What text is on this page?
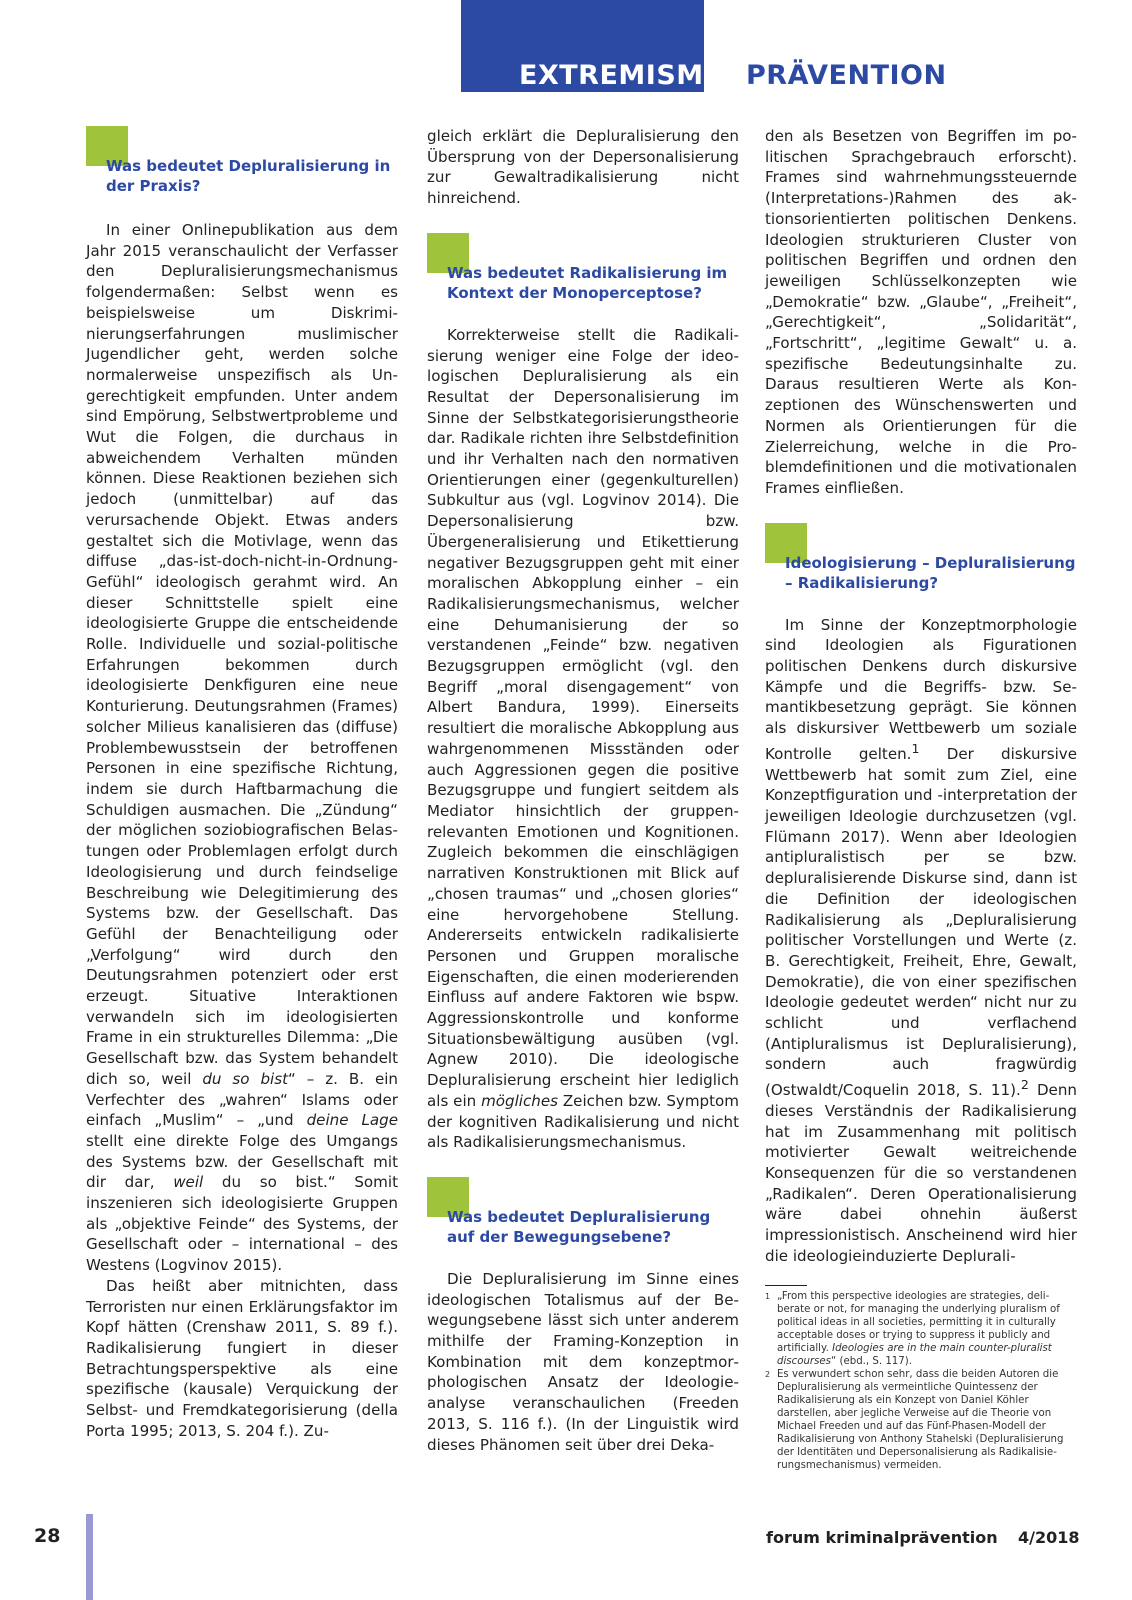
EXTREMISMUSPRÄVENTION
Was bedeutet Depluralisierung in der Praxis?

In einer Onlinepublikation aus dem Jahr 2015 veranschaulicht der Verfasser den Depluralisierungsmechanismus folgendermaßen: Selbst wenn es beispielsweise um Diskriminierungserfahrungen muslimischer Jugendlicher geht, werden solche normalerweise unspezifisch als Ungerechtigkeit empfunden. Unter andem sind Empörung, Selbstwertprobleme und Wut die Folgen, die durchaus in abweichendem Verhalten münden können. Diese Reaktionen beziehen sich jedoch (unmittelbar) auf das verursachende Objekt. Etwas anders gestaltet sich die Motivlage, wenn das diffuse „das-ist-doch-nicht-in-Ordnung-Gefühl“ ideologisch gerahmt wird. An dieser Schnittstelle spielt eine ideologisierte Gruppe die entscheidende Rolle. Individuelle und sozial-politische Erfahrungen bekommen durch ideologisierte Denkfiguren eine neue Konturierung. Deutungsrahmen (Frames) solcher Milieus kanalisieren das (diffuse) Problembewusstsein der betroffenen Personen in eine spezifische Richtung, indem sie durch Haftbarmachung die Schuldigen ausmachen. Die „Zündung“ der möglichen soziobiografischen Belastungen oder Problemlagen erfolgt durch Ideologisierung und durch feindselige Beschreibung wie Delegitimierung des Systems bzw. der Gesellschaft. Das Gefühl der Benachteiligung oder „Verfolgung“ wird durch den Deutungsrahmen potenziert oder erst erzeugt. Situative Interaktionen verwandeln sich im ideologisierten Frame in ein strukturelles Dilemma: „Die Gesellschaft bzw. das System behandelt dich so, weil du so bist“ – z. B. ein Verfechter des „wahren“ Islams oder einfach „Muslim“ – „und deine Lage stellt eine direkte Folge des Umgangs des Systems bzw. der Gesellschaft mit dir dar, weil du so bist.“ Somit inszenieren sich ideologisierte Gruppen als „objektive Feinde“ des Systems, der Gesellschaft oder – international – des Westens (Logvinov 2015).

Das heißt aber mitnichten, dass Terroristen nur einen Erklärungsfaktor im Kopf hätten (Crenshaw 2011, S. 89 f.). Radikalisierung fungiert in dieser Betrachtungsperspektive als eine spezifische (kausale) Verquickung der Selbst- und Fremdkategorisierung (della Porta 1995; 2013, S. 204 f.). Zu-

gleich erklärt die Depluralisierung den Übersprung von der Depersonalisierung zur Gewaltradikalisierung nicht hinreichend.

Was bedeutet Radikalisierung im Kontext der Monoperceptose?

Korrekterweise stellt die Radikalisierung weniger eine Folge der ideologischen Depluralisierung als ein Resultat der Depersonalisierung im Sinne der Selbstkategorisierungstheorie dar. Radikale richten ihre Selbstdefinition und ihr Verhalten nach den normativen Orientierungen einer (gegenkulturellen) Subkultur aus (vgl. Logvinov 2014). Die Depersonalisierung bzw. Übergeneralisierung und Etikettierung negativer Bezugsgruppen geht mit einer moralischen Abkopplung einher – ein Radikalisierungsmechanismus, welcher eine Dehumanisierung der so verstandenen „Feinde“ bzw. negativen Bezugsgruppen ermöglicht (vgl. den Begriff „moral disengagement“ von Albert Bandura, 1999). Einerseits resultiert die moralische Abkopplung aus wahrgenommenen Missständen oder auch Aggressionen gegen die positive Bezugsgruppe und fungiert seitdem als Mediator hinsichtlich der gruppenrelevanten Emotionen und Kognitionen. Zugleich bekommen die einschlägigen narrativen Konstruktionen mit Blick auf „chosen traumas“ und „chosen glories“ eine hervorgehobene Stellung. Andererseits entwickeln radikalisierte Personen und Gruppen moralische Eigenschaften, die einen moderierenden Einfluss auf andere Faktoren wie bspw. Aggressionskontrolle und konforme Situationsbewältigung ausüben (vgl. Agnew 2010). Die ideologische Depluralisierung erscheint hier lediglich als ein mögliches Zeichen bzw. Symptom der kognitiven Radikalisierung und nicht als Radikalisierungsmechanismus.

Was bedeutet Depluralisierung auf der Bewegungsebene?

Die Depluralisierung im Sinne eines ideologischen Totalismus auf der Bewegungsebene lässt sich unter anderem mithilfe der Framing-Konzeption in Kombination mit dem konzeptmorphologischen Ansatz der Ideologieanalyse veranschaulichen (Freeden 2013, S. 116 f.). (In der Linguistik wird dieses Phänomen seit über drei Deka-

den als Besetzen von Begriffen im politischen Sprachgebrauch erforscht). Frames sind wahrnehmungssteuernde (Interpretations-)Rahmen des aktionsorientierten politischen Denkens. Ideologien strukturieren Cluster von politischen Begriffen und ordnen den jeweiligen Schlüsselkonzepten wie „Demokratie“ bzw. „Glaube“, „Freiheit“, „Gerechtigkeit“, „Solidarität“, „Fortschritt“, „legitime Gewalt“ u. a. spezifische Bedeutungsinhalte zu. Daraus resultieren Werte als Konzeptionen des Wünschenswerten und Normen als Orientierungen für die Zielerreichung, welche in die Problemdefinitionen und die motivationalen Frames einfließen.

Ideologisierung – Depluralisierung – Radikalisierung?

Im Sinne der Konzeptmorphologie sind Ideologien als Figurationen politischen Denkens durch diskursive Kämpfe und die Begriffs- bzw. Semantikbesetzung geprägt. Sie können als diskursiver Wettbewerb um soziale Kontrolle gelten.$^1$ Der diskursive Wettbewerb hat somit zum Ziel, eine Konzeptfiguration und -interpretation der jeweiligen Ideologie durchzusetzen (vgl. Flümann 2017). Wenn aber Ideologien antipluralistisch per se bzw. depluralisierende Diskurse sind, dann ist die Definition der ideologischen Radikalisierung als „Depluralisierung politischer Vorstellungen und Werte (z. B. Gerechtigkeit, Freiheit, Ehre, Gewalt, Demokratie), die von einer spezifischen Ideologie gedeutet werden“ nicht nur zu schlicht und verflachend (Antipluralismus ist Depluralisierung), sondern auch fragwürdig (Ostwaldt/Coquelin 2018, S. 11).$^2$ Denn dieses Verständnis der Radikalisierung hat im Zusammenhang mit politisch motivierter Gewalt weitreichende Konsequenzen für die so verstandenen „Radikalen“. Deren Operationalisierung wäre dabei ohnehin äußerst impressionistisch. Anscheinend wird hier die ideologieinduzierte Deplurali-

1 „From this perspective ideologies are strategies, deliberate or not, for managing the underlying pluralism of political ideas in all societies, permitting it in culturally acceptable doses or trying to suppress it publicly and artificially. Ideologies are in the main counter-pluralist discourses“ (ebd., S. 117).

2 Es verwundert schon sehr, dass die beiden Autoren die Depluralisierung als vermeintliche Quintessenz der Radikalisierung als ein Konzept von Daniel Köhler darstellen, aber jegliche Verweise auf die Theorie von Michael Freeden und auf das Fünf-Phasen-Modell der Radikalisierung von Anthony Stahelski (Depluralisierung der Identitäten und Depersonalisierung als Radikalisierungsmechanismus) vermeiden.

28	forum kriminalprävention 4/2018
